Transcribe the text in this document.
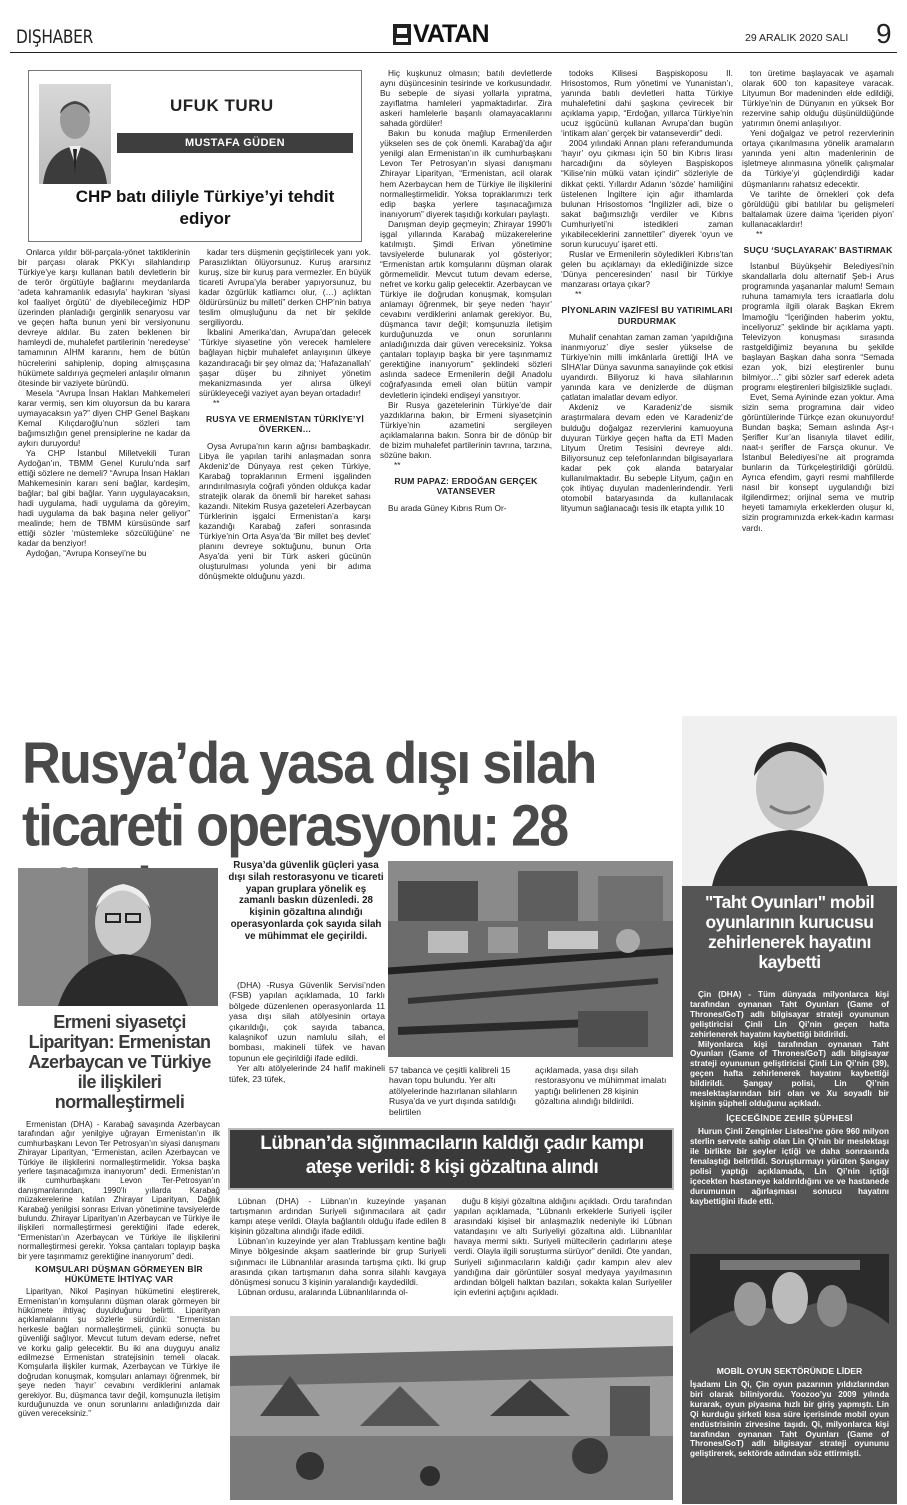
DIŞHABER	VATAN	29 ARALIK 2020 SALI 9
UFUK TURU
MUSTAFA GÜDEN
CHP batı diliyle Türkiye’yi tehdit ediyor

Onlarca yıldır böl-parçala-yönet taktiklerinin bir parçası olarak PKK’yı silahlandırıp Türkiye’ye karşı kullanan batılı devletlerin bir de terör örgütüyle bağlarını meydanlarda ‘adeta kahramanlık edasıyla’ haykıran ‘siyasi kol faaliyet örgütü’ de diyebileceğimiz HDP üzerinden planladığı gerginlik senaryosu var ve geçen hafta bunun yeni bir versiyonunu devreye aldılar. Bu zaten beklenen bir hamleydi de, muhalefet partilerinin ‘neredeyse’ tamamının AİHM kararını, hem de bütün hücrelerini sahiplenip, doping almışçasına hükümete saldırıya geçmeleri anlaşılır olmanın ötesinde bir vaziyete büründü.

Mesela “Avrupa İnsan Hakları Mahkemeleri karar vermiş, sen kim oluyorsun da bu karara uymayacaksın ya?” diyen CHP Genel Başkanı Kemal Kılıçdaroğlu’nun sözleri tam bağımsızlığın genel prensiplerine ne kadar da aykırı duruyordu!

Ya CHP İstanbul Milletvekili Turan Aydoğan’ın, TBMM Genel Kurulu’nda sarf ettiği sözlere ne demeli? “Avrupa İnsan Hakları Mahkemesinin kararı seni bağlar, kardeşim, bağlar; bal gibi bağlar. Yarın uygulayacaksın, hadi uygulama, hadi uygulama da göreyim, hadi uygulama da bak başına neler geliyor” mealinde; hem de TBMM kürsüsünde sarf ettiği sözler ‘müstemleke sözcülüğüne’ ne kadar da benziyor!

Aydoğan, “Avrupa Konseyi’ne bu

kadar ters düşmenin geçiştirilecek yanı yok. Parasızlıktan ölüyorsunuz. Kuruş ararsınız kuruş, size bir kuruş para vermezler. En büyük ticareti Avrupa’yla beraber yapıyorsunuz, bu kadar özgürlük katliamcı olur, (…) açlıktan öldürürsünüz bu milleti” derken CHP’nin batıya teslim olmuşluğunu da net bir şekilde sergiliyordu.

İkbalini Amerika’dan, Avrupa’dan gelecek ‘Türkiye siyasetine yön verecek hamlelere bağlayan hiçbir muhalefet anlayışının ülkeye kazandıracağı bir şey olmaz da; ‘Hafazanallah’ şaşar düşer bu zihniyet yönetim mekanizmasında yer alırsa ülkeyi sürükleyeceği vaziyet ayan beyan ortadadır!

**

RUSYA VE ERMENİSTAN TÜRKİYE’Yİ ÖVERKEN…

Oysa Avrupa’nın karın ağrısı bambaşkadır. Libya ile yapılan tarihi anlaşmadan sonra Akdeniz’de Dünyaya rest çeken Türkiye, Karabağ topraklarının Ermeni işgalinden arındırılmasıyla coğrafi yönden oldukça kadar stratejik olarak da önemli bir hareket sahası kazandı. Nitekim Rusya gazeteleri Azerbaycan Türklerinin işgalci Ermenistan’a karşı kazandığı Karabağ zaferi sonrasında Türkiye’nin Orta Asya’da ‘Bir millet beş devlet’ planını devreye soktuğunu, bunun Orta Asya’da yeni bir Türk askeri gücünün oluşturulması yolunda yeni bir adıma dönüşmekte olduğunu yazdı.

Hiç kuşkunuz olmasın; batılı devletlerde aynı düşüncesinin tesirinde ve korkusundadır. Bu sebeple de siyasi yollarla yıpratma, zayıflatma hamleleri yapmaktadırlar. Zira askeri hamlelerle başarılı olamayacaklarını sahada gördüler!

Bakın bu konuda mağlup Ermenilerden yükselen ses de çok önemli. Karabağ’da ağır yenilgi alan Ermenistan’ın ilk cumhurbaşkanı Levon Ter Petrosyan’ın siyasi danışmanı Zhirayar Liparityan, “Ermenistan, acil olarak hem Azerbaycan hem de Türkiye ile ilişkilerini normalleştirmelidir. Yoksa topraklarımızı terk edip başka yerlere taşınacağımıza inanıyorum” diyerek taşıdığı korkuları paylaştı.

Danışman deyip geçmeyin; Zhirayar 1990’lı işgal yıllarında Karabağ müzakerelerine katılmıştı. Şimdi Erivan yönetimine tavsiyelerde bulunarak yol gösteriyor; “Ermenistan artık komşularını düşman olarak görmemelidir. Mevcut tutum devam ederse, nefret ve korku galip gelecektir. Azerbaycan ve Türkiye ile doğrudan konuşmak, komşuları anlamayı öğrenmek, bir şeye neden ‘hayır’ cevabını verdiklerini anlamak gerekiyor. Bu, düşmanca tavır değil; komşunuzla iletişim kurduğunuzda ve onun sorunlarını anladığınızda dair güven vereceksiniz. Yoksa çantaları toplayıp başka bir yere taşınmamız gerektiğine inanıyorum” şeklindeki sözleri aslında sadece Ermenilerin değil Anadolu coğrafyasında emeli olan bütün vampir devletlerin içindeki endişeyi yansıtıyor.

Bir Rusya gazetelerinin Türkiye’de dair yazdıklarına bakın, bir Ermeni siyasetçinin Türkiye’nin azametini sergileyen açıklamalarına bakın. Sonra bir de dönüp bir de bizim muhalefet partilerinin tavrına, tarzına, sözüne bakın.

**

RUM PAPAZ: ERDOĞAN GERÇEK VATANSEVER

Bu arada Güney Kıbrıs Rum Or-

todoks Kilisesi Başpiskoposu II. Hrisostomos, Rum yönetimi ve Yunanistan’ı, yanında batılı devletleri hatta Türkiye muhalefetini dahi şaşkına çevirecek bir açıklama yapıp, “Erdoğan, yıllarca Türkiye’nin ucuz işgücünü kullanan Avrupa’dan bugün ‘intikam alan’ gerçek bir vatanseverdir” dedi.

2004 yılındaki Annan planı referandumunda ‘hayır’ oyu çıkması için 50 bin Kıbrıs lirası harcadığını da söyleyen Başpiskopos “Kilise’nin mülkü vatan içindir” sözleriyle de dikkat çekti. Yıllardır Adanın ‘sözde’ hamiliğini üstelenen İngiltere için ağır ithamlarda bulunan Hrisostomos “İngilizler adi, bize o sakat bağımsızlığı verdiler ve Kıbrıs Cumhuriyeti’ni istedikleri zaman yıkabileceklerini zannettiler” diyerek ‘oyun ve sorun kurucuyu’ işaret etti.

Ruslar ve Ermenilerin söyledikleri Kıbrıs’tan gelen bu açıklamayı da eklediğinizde sizce ‘Dünya penceresinden’ nasıl bir Türkiye manzarası ortaya çıkar?

**

PİYONLARIN VAZİFESİ BU YATIRIMLARI DURDURMAK

Muhalif cenahtan zaman zaman ‘yapıldığına inanmıyoruz’ diye sesler yükselse de Türkiye’nin milli imkânlarla ürettiği İHA ve SİHA’lar Dünya savunma sanayiinde çok etkisi uyandırdı. Biliyoruz ki hava silahlarının yanında kara ve denizlerde de düşman çatlatan imalatlar devam ediyor.

Akdeniz ve Karadeniz’de sismik araştırmalara devam eden ve Karadeniz’de bulduğu doğalgaz rezervlerini kamuoyuna duyuran Türkiye geçen hafta da ETİ Maden Lityum Üretim Tesisini devreye aldı. Biliyorsunuz cep telefonlarından bilgisayarlara kadar pek çok alanda bataryalar kullanılmaktadır. Bu sebeple Lityum, çağın en çok ihtiyaç duyulan madenlerindendir. Yerli otomobil bataryasında da kullanılacak lityumun sağlanacağı tesis ilk etapta yıllık 10

ton üretime başlayacak ve aşamalı olarak 600 ton kapasiteye varacak. Lityumun Bor madeninden elde edildiği, Türkiye’nin de Dünyanın en yüksek Bor rezervine sahip olduğu düşünüldüğünde yatırımın önemi anlaşılıyor.

Yeni doğalgaz ve petrol rezervlerinin ortaya çıkarılmasına yönelik aramaların yanında yeni altın madenlerinin de işletmeye alınmasına yönelik çalışmalar da Türkiye’yi güçlendirdiği kadar düşmanlarını rahatsız edecektir.

Ve tarihte de örnekleri çok defa görüldüğü gibi batılılar bu gelişmeleri baltalamak üzere daima ‘içeriden piyon’ kullanacaklardır!

**

SUÇU ‘SUÇLAYARAK’ BASTIRMAK

İstanbul Büyükşehir Belediyesi’nin skandallarla dolu alternatif Şeb-i Arus programında yaşananlar malum! Semaın ruhuna tamamıyla ters icraatlarla dolu programla ilgili olarak Başkan Ekrem İmamoğlu “İçeriğinden haberim yoktu, inceliyoruz” şeklinde bir açıklama yaptı. Televizyon konuşması sırasında rastgeldiğimiz beyanına bu şekilde başlayan Başkan daha sonra “Semada ezan yok, bizi eleştirenler bunu bilmiyor…” gibi sözler sarf ederek adeta programı eleştirenleri bilgisizlikle suçladı.

Evet, Sema Ayininde ezan yoktur. Ama sizin sema programına dair video görüntülerinde Türkçe ezan okunuyordu! Bundan başka; Semaın aslında Aşr-ı Şerifler Kur’an lisanıyla tilavet edilir, naat-ı şerifler de Farsça okunur. Ve İstanbul Belediyesi’ne ait programda bunların da Türkçeleştirildiği görüldü. Ayrıca efendim, gayri resmi mahfillerde nasıl bir konsept uygulandığı bizi ilgilendirmez; orijinal sema ve mutrip heyeti tamamıyla erkeklerden oluşur ki, sizin programınızda erkek-kadın karması vardı.

Rusya’da yasa dışı silah ticareti operasyonu: 28
Ermeni siyasetçi Liparityan: Ermenistan Azerbaycan ve Türkiye ile ilişkileri normalleştirmeli

Ermenistan (DHA) - Karabağ savaşında Azerbaycan tarafından ağır yenilgiye uğrayan Ermenistan’ın ilk cumhurbaşkanı Levon Ter Petrosyan’ın siyasi danışmanı Zhirayar Liparityan, “Ermenistan, acilen Azerbaycan ve Türkiye ile ilişkilerini normalleştirmelidir. Yoksa başka yerlere taşınacağımıza inanıyorum” dedi. Ermenistan’ın ilk cumhurbaşkanı Levon Ter-Petrosyan’ın danışmanlarından, 1990’lı yıllarda Karabağ müzakerelerine katılan Zhirayar Liparityan, Dağlık Karabağ yenilgisi sonrası Erivan yönetimine tavsiyelerde bulundu. Zhirayar Liparityan’ın Azerbaycan ve Türkiye ile ilişkileri normalleştirmesi gerektiğini ifade ederek, “Ermenistan’ın Azerbaycan ve Türkiye ile ilişkilerini normalleştirmesi gerekir. Yoksa çantaları toplayıp başka bir yere taşınmamız gerektiğine inanıyorum” dedi.

KOMŞULARI DÜŞMAN GÖRMEYEN BİR HÜKÜMETE İHTİYAÇ VAR

Liparityan, Nikol Paşinyan hükümetini eleştirerek, Ermenistan’ın komşularını düşman olarak görmeyen bir hükümete ihtiyaç duyulduğunu belirtti. Liparityan açıklamalarını şu sözlerle sürdürdü: “Ermenistan herkesle bağları normalleştirmeli, çünkü sonuçta bu güvenliği sağlıyor. Mevcut tutum devam ederse, nefret ve korku galip gelecektir. Bu iki ana duyguyu analiz edilmezse Ermenistan stratejisinin temeli olacak. Komşularla ilişkiler kurmak, Azerbaycan ve Türkiye ile doğrudan konuşmak, komşuları anlamayı öğrenmek, bir şeye neden ‘hayır’ cevabını verdiklerini anlamak gerekiyor. Bu, düşmanca tavır değil, komşunuzla iletişim kurduğunuzda ve onun sorunlarını anladığınızda dair güven vereceksiniz.”

Rusya’da güvenlik güçleri yasa dışı silah restorasyonu ve ticareti yapan gruplara yönelik eş zamanlı baskın düzenledi. 28 kişinin gözaltına alındığı operasyonlarda çok sayıda silah ve mühimmat ele geçirildi.

(DHA) -Rusya Güvenlik Servisi’nden (FSB) yapılan açıklamada, 10 farklı bölgede düzenlenen operasyonlarda 11 yasa dışı silah atölyesinin ortaya çıkarıldığı, çok sayıda tabanca, kalaşnikof uzun namlulu silah, el bombası, makineli tüfek ve havan topunun ele geçirildiği ifade edildi.

Yer altı atölyelerinde 24 hafif makineli tüfek, 23 tüfek,

57 tabanca ve çeşitli kalibreli 15 havan topu bulundu. Yer altı atölyelerinde hazırlanan silahların Rusya’da ve yurt dışında satıldığı belirtilen
açıklamada, yasa dışı silah restorasyonu ve mühimmat imalatı yaptığı belirlenen 28 kişinin gözaltına alındığı bildirildi.
Lübnan’da sığınmacıların kaldığı çadır kampı ateşe verildi: 8 kişi gözaltına alındı

Lübnan (DHA) - Lübnan’ın kuzeyinde yaşanan tartışmanın ardından Suriyeli sığınmacılara ait çadır kampı ateşe verildi. Olayla bağlantılı olduğu ifade edilen 8 kişinin gözaltına alındığı ifade edildi.

Lübnan’ın kuzeyinde yer alan Trablusşam kentine bağlı Minye bölgesinde akşam saatlerinde bir grup Suriyeli sığınmacı ile Lübnanlılar arasında tartışma çıktı. İki grup arasında çıkan tartışmanın daha sonra silahlı kavgaya dönüşmesi sonucu 3 kişinin yaralandığı kaydedildi.

Lübnan ordusu, aralarında Lübnanlılarında ol-

duğu 8 kişiyi gözaltına aldığını açıkladı. Ordu tarafından yapılan açıklamada, “Lübnanlı erkeklerle Suriyeli işçiler arasındaki kişisel bir anlaşmazlık nedeniyle iki Lübnan vatandaşını ve altı Suriyeliyi gözaltına aldı. Lübnanlılar havaya mermi sıktı. Suriyeli mültecilerin çadırlarını ateşe verdi. Olayla ilgili soruşturma sürüyor” denildi. Öte yandan, Suriyeli sığınmacıların kaldığı çadır kampın alev alev yandığına dair görüntüler sosyal medyaya yayılmasının ardından bölgeli halktan bazıları, sokakta kalan Suriyeliler için evlerini açtığını açıkladı.

"Taht Oyunları" mobil oyunlarının kurucusu zehirlenerek hayatını kaybetti

Çin (DHA) - Tüm dünyada milyonlarca kişi tarafından oynanan Taht Oyunları (Game of Thrones/GoT) adlı bilgisayar strateji oyununun geliştiricisi Çinli Lin Qi’nin geçen hafta zehirlenerek hayatını kaybettiği bildirildi.

Milyonlarca kişi tarafından oynanan Taht Oyunları (Game of Thrones/GoT) adlı bilgisayar strateji oyununun geliştiricisi Çinli Lin Qi’nin (39), geçen hafta zehirlenerek hayatını kaybettiği bildirildi. Şangay polisi, Lin Qi’nin meslektaşlarından biri olan ve Xu soyadlı bir kişinin şüpheli olduğunu açıkladı.

İÇECEĞİNDE ZEHİR ŞÜPHESİ

Hurun Çinli Zenginler Listesi’ne göre 960 milyon sterlin servete sahip olan Lin Qi’nin bir meslektaşı ile birlikte bir şeyler içtiği ve daha sonrasında fenalaştığı belirtildi. Soruşturmayı yürüten Şangay polisi yaptığı açıklamada, Lin Qi’nin içtiği içecekten hastaneye kaldırıldığını ve ve hastanede durumunun ağırlaşması sonucu hayatını kaybettiğini ifade etti.

MOBİL OYUN SEKTÖRÜNDE LİDER
İşadamı Lin Qi, Çin oyun pazarının yıldızlarından biri olarak biliniyordu. Yoozoo’yu 2009 yılında kurarak, oyun piyasına hızlı bir giriş yapmıştı. Lin Qi kurduğu şirketi kısa süre içerisinde mobil oyun endüstrisinin zirvesine taşıdı. Qi, milyonlarca kişi tarafından oynanan Taht Oyunları (Game of Thrones/GoT) adlı bilgisayar strateji oyununu geliştirerek, sektörde adından söz ettirmişti.
